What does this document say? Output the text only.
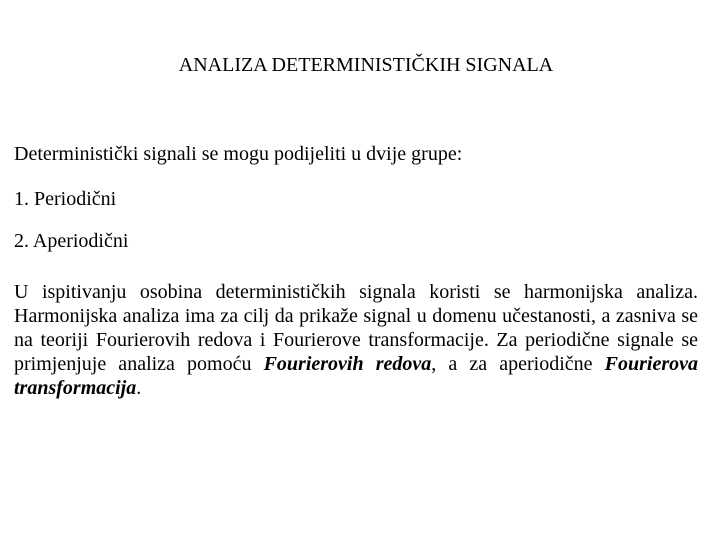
ANALIZA DETERMINISTIČKIH SIGNALA
Deterministički signali se mogu podijeliti u dvije grupe:
1. Periodični
2. Aperiodični

U ispitivanju osobina determinističkih signala koristi se harmonijska analiza. Harmonijska analiza ima za cilj da prikaže signal u domenu učestanosti, a zasniva se na teoriji Fourierovih redova i Fourierove transformacije. Za periodične signale se primjenjuje analiza pomoću Fourierovih redova, a za aperiodične Fourierova transformacija.
